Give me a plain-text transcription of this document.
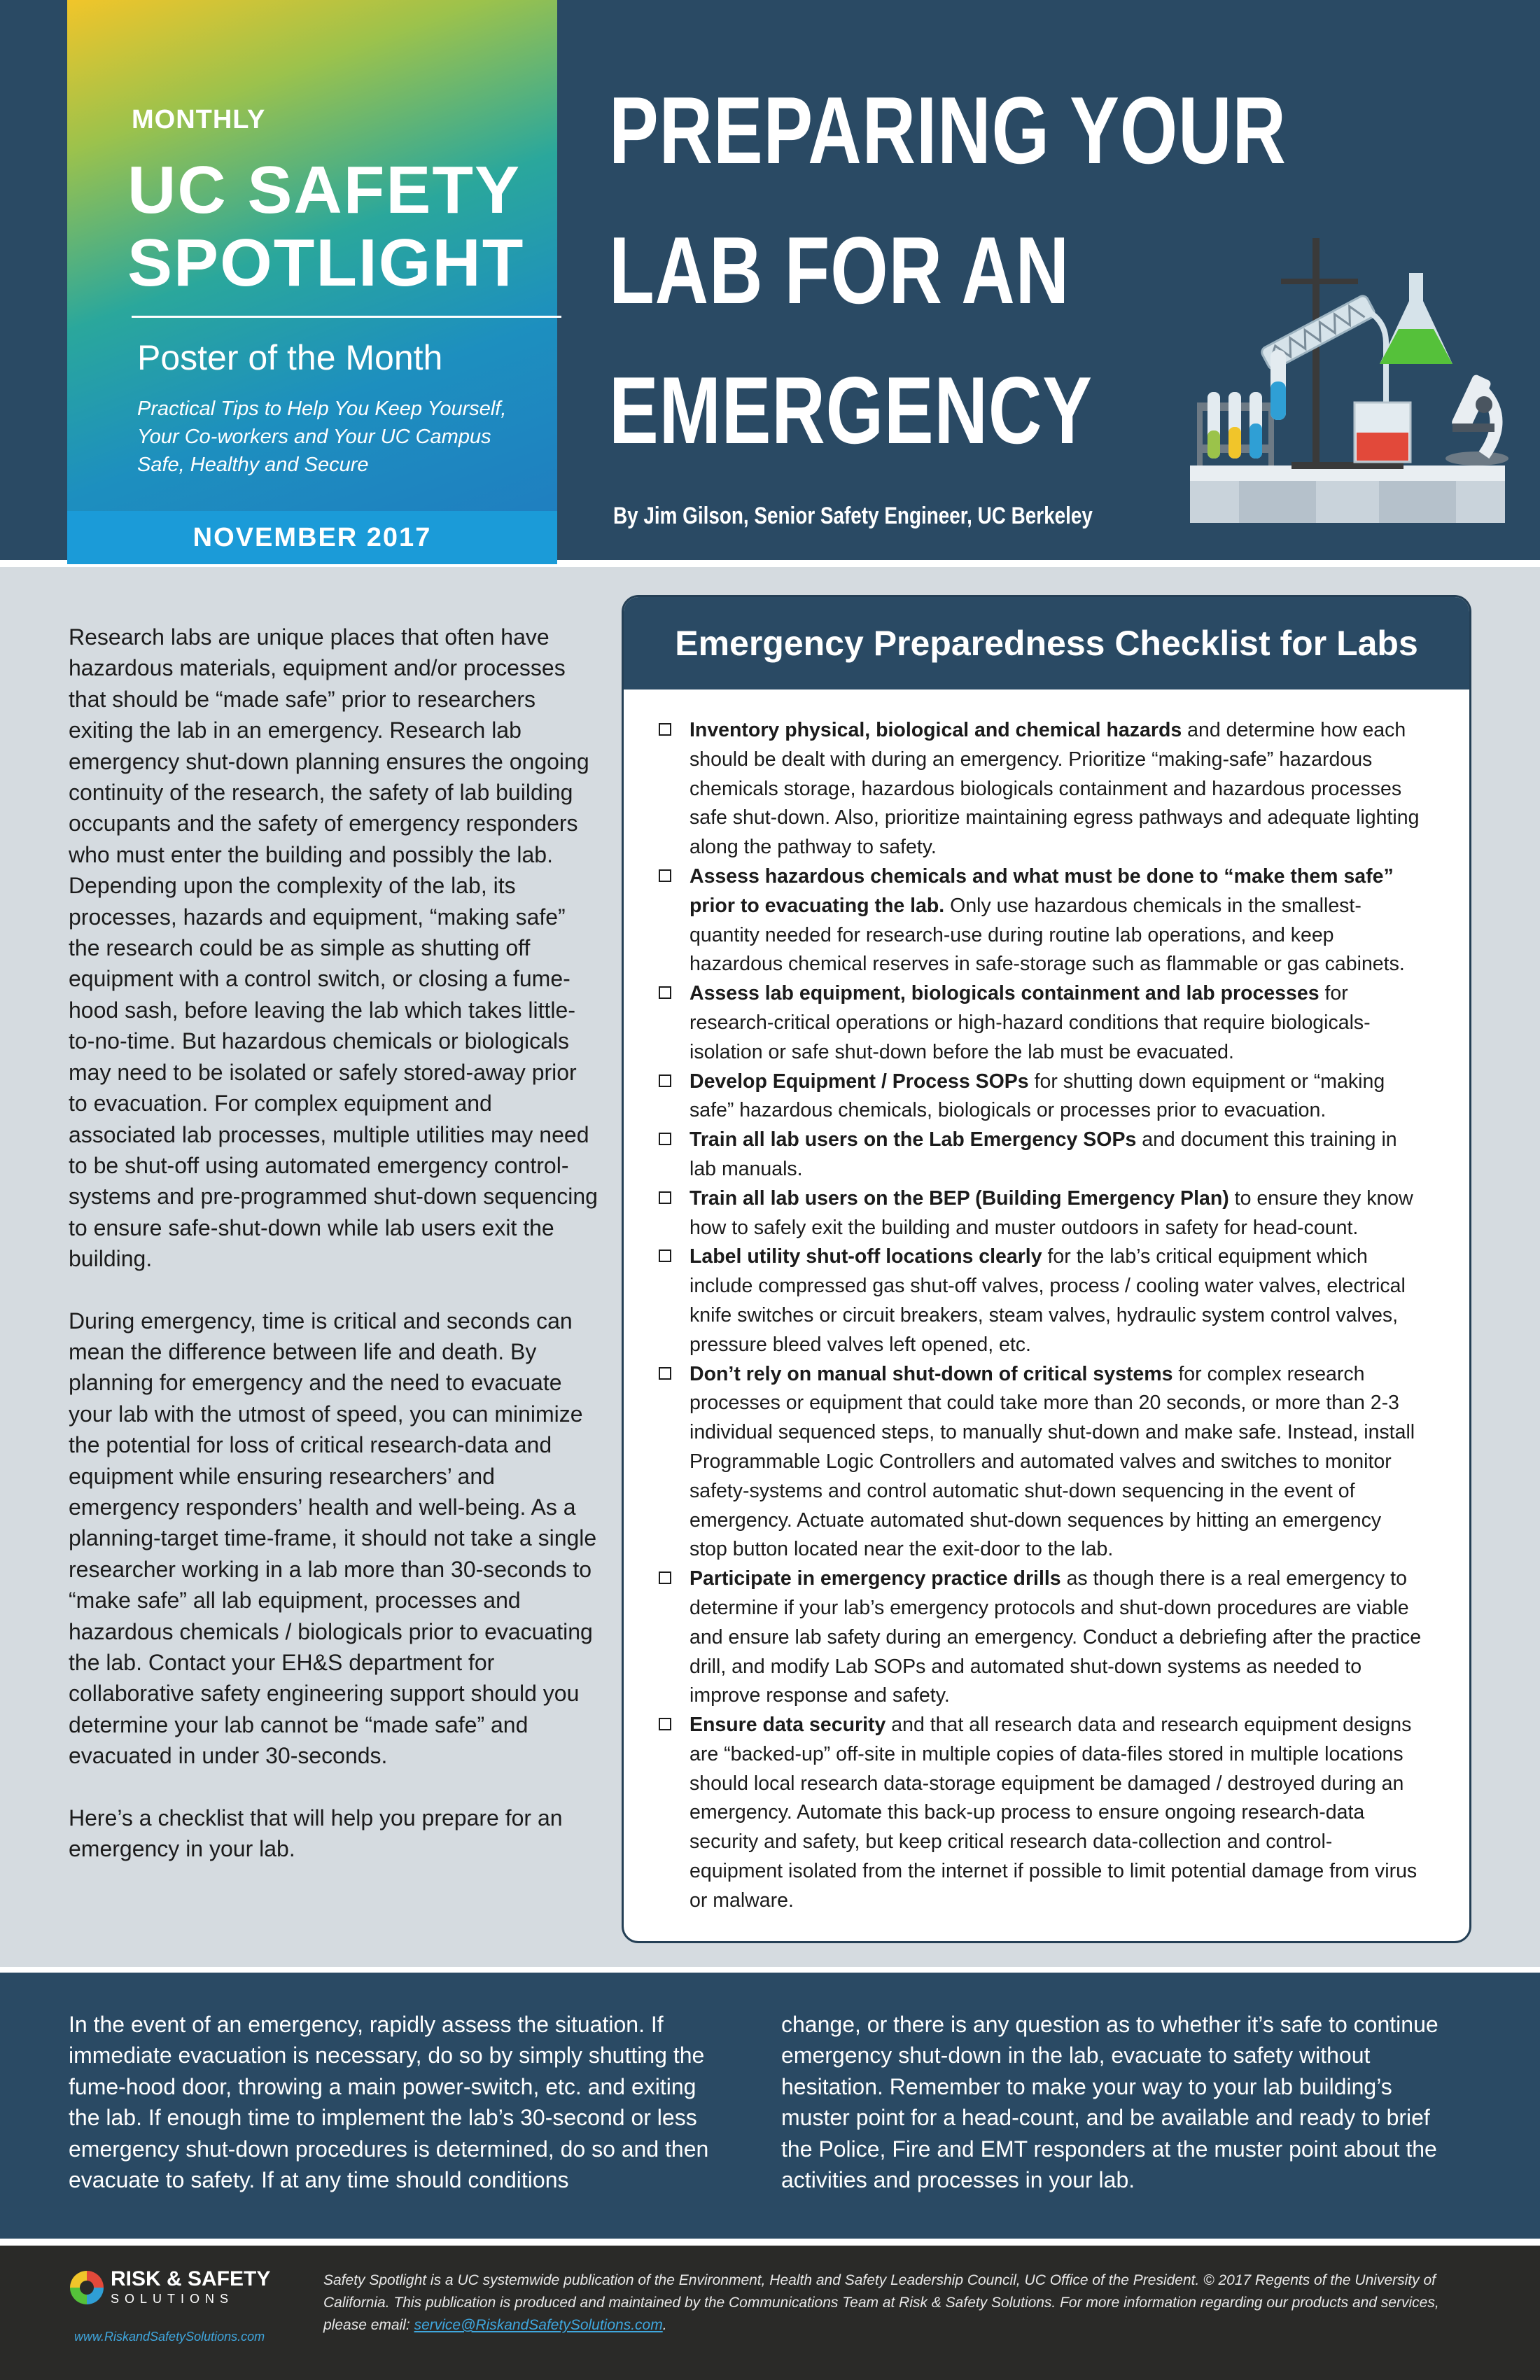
MONTHLY
UC SAFETY
SPOTLIGHT
Poster of the Month
Practical Tips to Help You Keep Yourself, Your Co-workers and Your UC Campus Safe, Healthy and Secure
NOVEMBER 2017
PREPARING YOUR
LAB FOR AN
EMERGENCY
By Jim Gilson, Senior Safety Engineer, UC Berkeley

Research labs are unique places that often have hazardous materials, equipment and/or processes that should be “made safe” prior to researchers exiting the lab in an emergency. Research lab emergency shut-down planning ensures the ongoing continuity of the research, the safety of lab building occupants and the safety of emergency responders who must enter the building and possibly the lab. Depending upon the complexity of the lab, its processes, hazards and equipment, “making safe” the research could be as simple as shutting off equipment with a control switch, or closing a fume-hood sash, before leaving the lab which takes little-to-no-time. But hazardous chemicals or biologicals may need to be isolated or safely stored-away prior to evacuation. For complex equipment and associated lab processes, multiple utilities may need to be shut-off using automated emergency control-systems and pre-programmed shut-down sequencing to ensure safe-shut-down while lab users exit the building.

During emergency, time is critical and seconds can mean the difference between life and death. By planning for emergency and the need to evacuate your lab with the utmost of speed, you can minimize the potential for loss of critical research-data and equipment while ensuring researchers’ and emergency responders’ health and well-being. As a planning-target time-frame, it should not take a single researcher working in a lab more than 30-seconds to “make safe” all lab equipment, processes and hazardous chemicals / biologicals prior to evacuating the lab. Contact your EH&S department for collaborative safety engineering support should you determine your lab cannot be “made safe” and evacuated in under 30-seconds.

Here’s a checklist that will help you prepare for an emergency in your lab.

Emergency Preparedness Checklist for Labs
Inventory physical, biological and chemical hazards and determine how each should be dealt with during an emergency. Prioritize “making-safe” hazardous chemicals storage, hazardous biologicals containment and hazardous processes safe shut-down. Also, prioritize maintaining egress pathways and adequate lighting along the pathway to safety.
Assess hazardous chemicals and what must be done to “make them safe” prior to evacuating the lab. Only use hazardous chemicals in the smallest-quantity needed for research-use during routine lab operations, and keep hazardous chemical reserves in safe-storage such as flammable or gas cabinets.
Assess lab equipment, biologicals containment and lab processes for research-critical operations or high-hazard conditions that require biologicals-isolation or safe shut-down before the lab must be evacuated.
Develop Equipment / Process SOPs for shutting down equipment or “making safe” hazardous chemicals, biologicals or processes prior to evacuation.
Train all lab users on the Lab Emergency SOPs and document this training in lab manuals.
Train all lab users on the BEP (Building Emergency Plan) to ensure they know how to safely exit the building and muster outdoors in safety for head-count.
Label utility shut-off locations clearly for the lab’s critical equipment which include compressed gas shut-off valves, process / cooling water valves, electrical knife switches or circuit breakers, steam valves, hydraulic system control valves, pressure bleed valves left opened, etc.
Don’t rely on manual shut-down of critical systems for complex research processes or equipment that could take more than 20 seconds, or more than 2-3 individual sequenced steps, to manually shut-down and make safe. Instead, install Programmable Logic Controllers and automated valves and switches to monitor safety-systems and control automatic shut-down sequencing in the event of emergency. Actuate automated shut-down sequences by hitting an emergency stop button located near the exit-door to the lab.
Participate in emergency practice drills as though there is a real emergency to determine if your lab’s emergency protocols and shut-down procedures are viable and ensure lab safety during an emergency. Conduct a debriefing after the practice drill, and modify Lab SOPs and automated shut-down systems as needed to improve response and safety.
Ensure data security and that all research data and research equipment designs are “backed-up” off-site in multiple copies of data-files stored in multiple locations should local research data-storage equipment be damaged / destroyed during an emergency. Automate this back-up process to ensure ongoing research-data security and safety, but keep critical research data-collection and control-equipment isolated from the internet if possible to limit potential damage from virus or malware.
In the event of an emergency, rapidly assess the situation. If immediate evacuation is necessary, do so by simply shutting the fume-hood door, throwing a main power-switch, etc. and exiting the lab. If enough time to implement the lab’s 30-second or less emergency shut-down procedures is determined, do so and then evacuate to safety. If at any time should conditions
change, or there is any question as to whether it’s safe to continue emergency shut-down in the lab, evacuate to safety without hesitation. Remember to make your way to your lab building’s muster point for a head-count, and be available and ready to brief the Police, Fire and EMT responders at the muster point about the activities and processes in your lab.
RISK & SAFETY
SOLUTIONS
www.RiskandSafetySolutions.com
Safety Spotlight is a UC systemwide publication of the Environment, Health and Safety Leadership Council, UC Office of the President. © 2017 Regents of the University of California. This publication is produced and maintained by the Communications Team at Risk & Safety Solutions. For more information regarding our products and services, please email: service@RiskandSafetySolutions.com.
